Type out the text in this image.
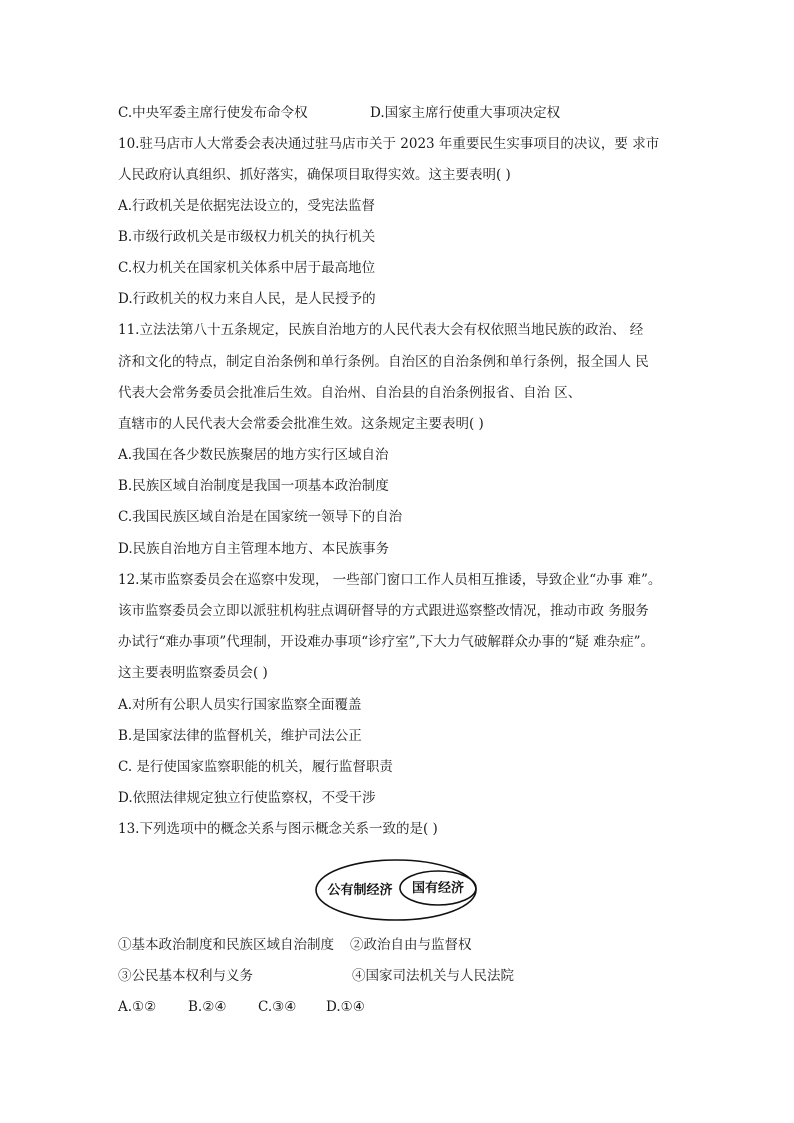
C.中央军委主席行使发布命令权	D.国家主席行使重大事项决定权
10.驻马店市人大常委会表决通过驻马店市关于 2023 年重要民生实事项目的决议，要 求市
人民政府认真组织、抓好落实，确保项目取得实效。这主要表明( )
A.行政机关是依据宪法设立的，受宪法监督
B.市级行政机关是市级权力机关的执行机关
C.权力机关在国家机关体系中居于最高地位
D.行政机关的权力来自人民，是人民授予的
11.立法法第八十五条规定，民族自治地方的人民代表大会有权依照当地民族的政治、 经
济和文化的特点，制定自治条例和单行条例。自治区的自治条例和单行条例，报全国人 民
代表大会常务委员会批准后生效。自治州、自治县的自治条例报省、自治 区、
直辖市的人民代表大会常委会批准生效。这条规定主要表明( )
A.我国在各少数民族聚居的地方实行区域自治
B.民族区域自治制度是我国一项基本政治制度
C.我国民族区域自治是在国家统一领导下的自治
D.民族自治地方自主管理本地方、本民族事务
12.某市监察委员会在巡察中发现， 一些部门窗口工作人员相互推诿，导致企业“办事 难”。
该市监察委员会立即以派驻机构驻点调研督导的方式跟进巡察整改情况，推动市政 务服务
办试行“难办事项”代理制，开设难办事项“诊疗室”,下大力气破解群众办事的“疑 难杂症”。
这主要表明监察委员会( )
A.对所有公职人员实行国家监察全面覆盖
B.是国家法律的监督机关，维护司法公正
C. 是行使国家监察职能的机关，履行监督职责
D.依照法律规定独立行使监察权，不受干涉
13.下列选项中的概念关系与图示概念关系一致的是( )
公有制经济 国有经济
①基本政治制度和民族区域自治制度 ②政治自由与监督权
③公民基本权利与义务	④国家司法机关与人民法院
A.①② B.②④ C.③④ D.①④
